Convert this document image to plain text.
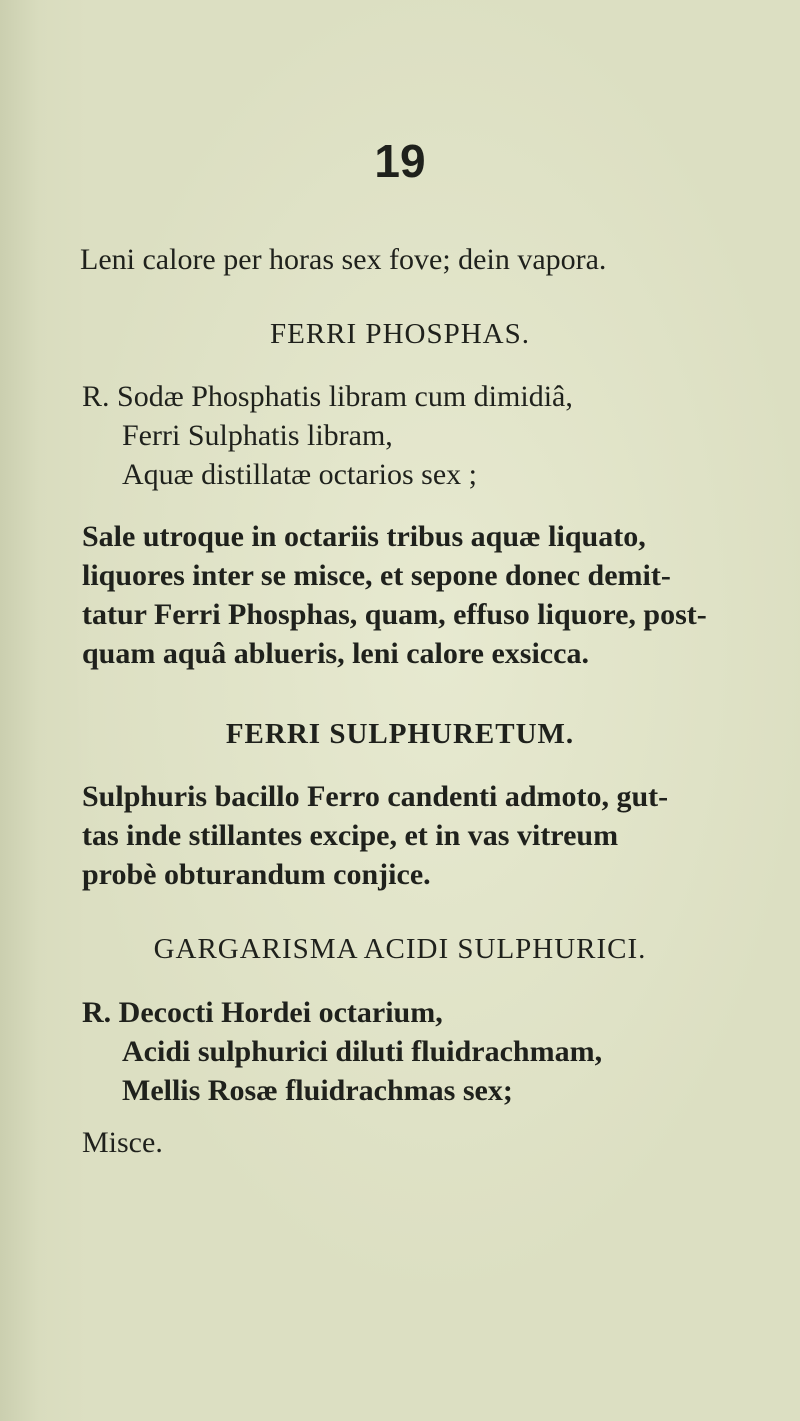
19
Leni calore per horas sex fove; dein vapora.
FERRI PHOSPHAS.
R. Sodæ Phosphatis libram cum dimidiâ,
Ferri Sulphatis libram,
Aquæ distillatæ octarios sex ;
Sale utroque in octariis tribus aquæ liquato,
liquores inter se misce, et sepone donec demit-
tatur Ferri Phosphas, quam, effuso liquore, post-
quam aquâ ablueris, leni calore exsicca.
FERRI SULPHURETUM.
Sulphuris bacillo Ferro candenti admoto, gut-
tas inde stillantes excipe, et in vas vitreum
probè obturandum conjice.
GARGARISMA ACIDI SULPHURICI.
R. Decocti Hordei octarium,
Acidi sulphurici diluti fluidrachmam,
Mellis Rosæ fluidrachmas sex;
Misce.
